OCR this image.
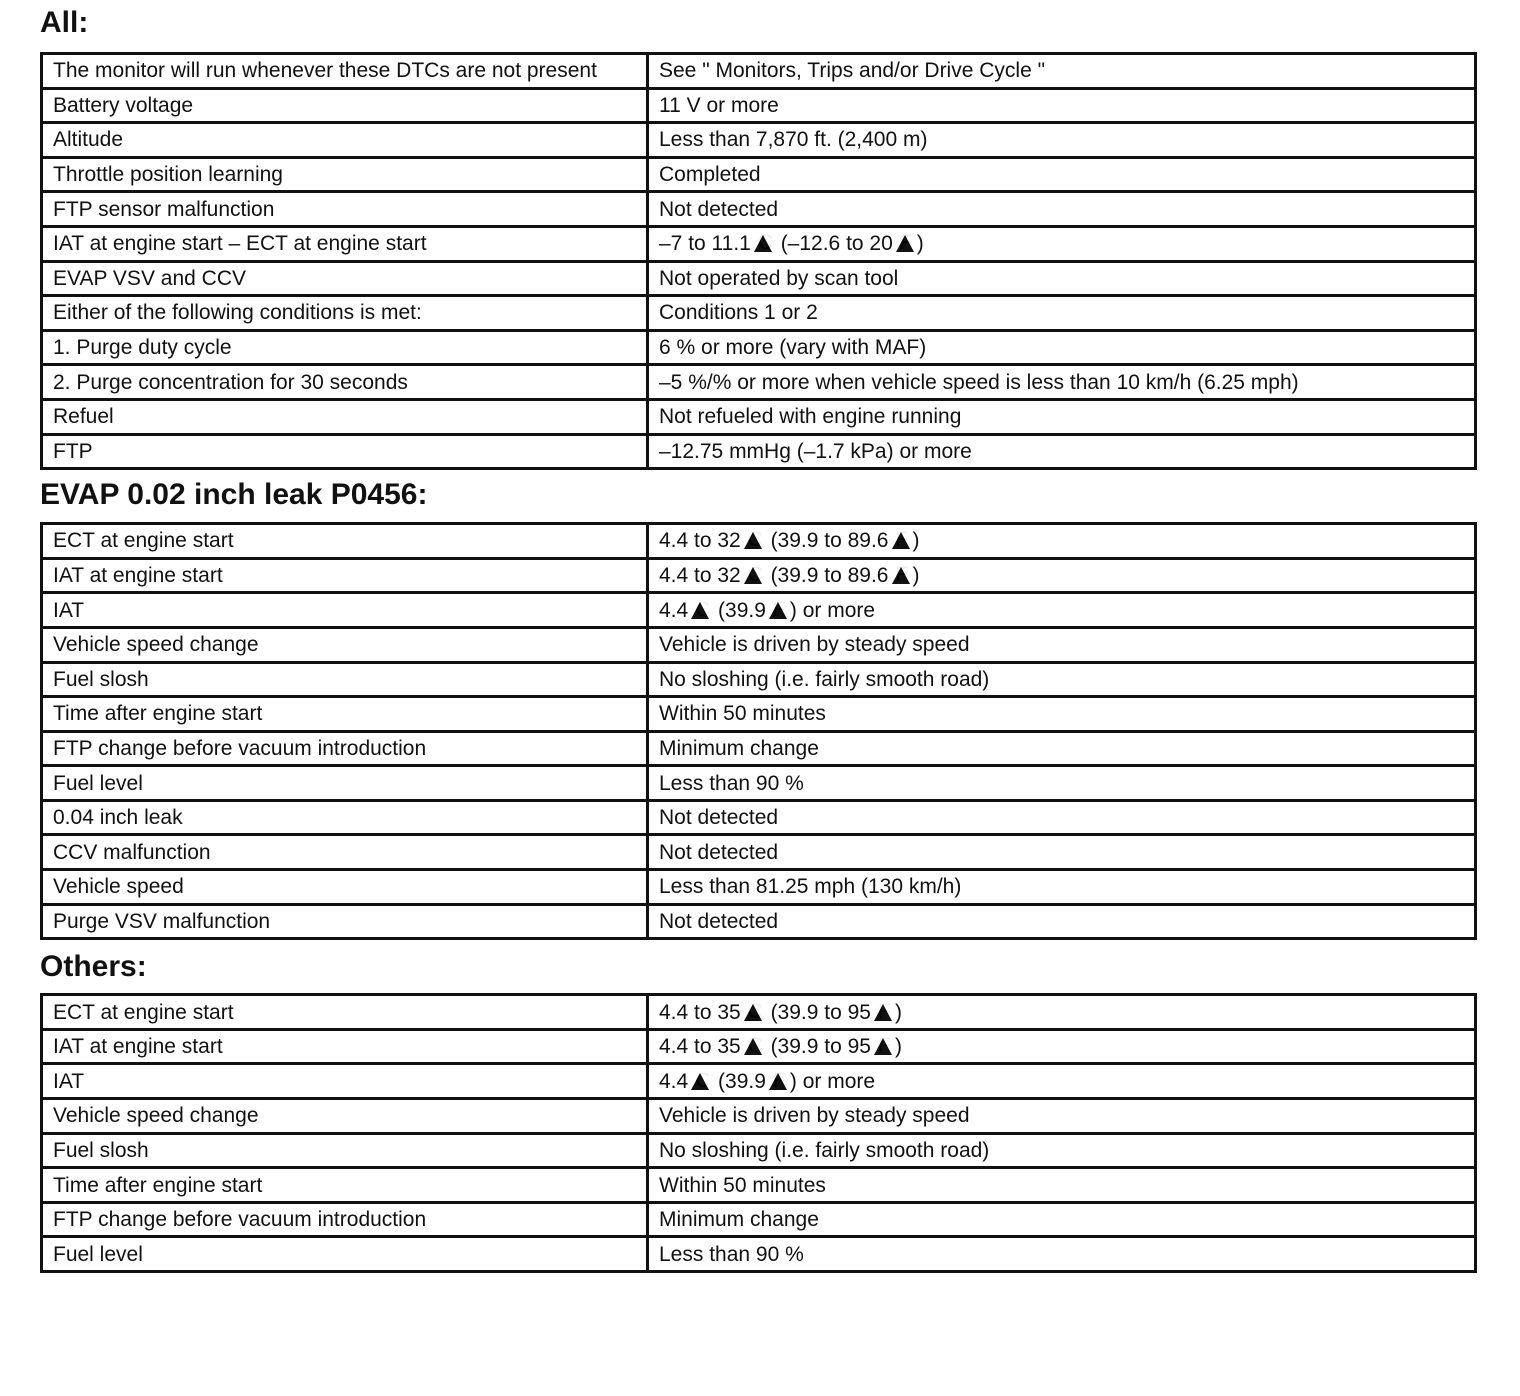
All:
The monitor will run whenever these DTCs are not present	See " Monitors, Trips and/or Drive Cycle "
Battery voltage	11 V or more
Altitude	Less than 7,870 ft. (2,400 m)
Throttle position learning	Completed
FTP sensor malfunction	Not detected
IAT at engine start – ECT at engine start	–7 to 11.1 C (–12.6 to 20 F )
EVAP VSV and CCV	Not operated by scan tool
Either of the following conditions is met:	Conditions 1 or 2
1. Purge duty cycle	6 % or more (vary with MAF)
2. Purge concentration for 30 seconds	–5 %/% or more when vehicle speed is less than 10 km/h (6.25 mph)
Refuel	Not refueled with engine running
FTP	–12.75 mmHg (–1.7 kPa) or more
EVAP 0.02 inch leak P0456:
ECT at engine start	4.4 to 32 C (39.9 to 89.6 F )
IAT at engine start	4.4 to 32 C (39.9 to 89.6 F )
IAT	4.4 C (39.9 F ) or more
Vehicle speed change	Vehicle is driven by steady speed
Fuel slosh	No sloshing (i.e. fairly smooth road)
Time after engine start	Within 50 minutes
FTP change before vacuum introduction	Minimum change
Fuel level	Less than 90 %
0.04 inch leak	Not detected
CCV malfunction	Not detected
Vehicle speed	Less than 81.25 mph (130 km/h)
Purge VSV malfunction	Not detected
Others:
ECT at engine start	4.4 to 35 C (39.9 to 95 F )
IAT at engine start	4.4 to 35 C (39.9 to 95 F )
IAT	4.4 C (39.9 F ) or more
Vehicle speed change	Vehicle is driven by steady speed
Fuel slosh	No sloshing (i.e. fairly smooth road)
Time after engine start	Within 50 minutes
FTP change before vacuum introduction	Minimum change
Fuel level	Less than 90 %
